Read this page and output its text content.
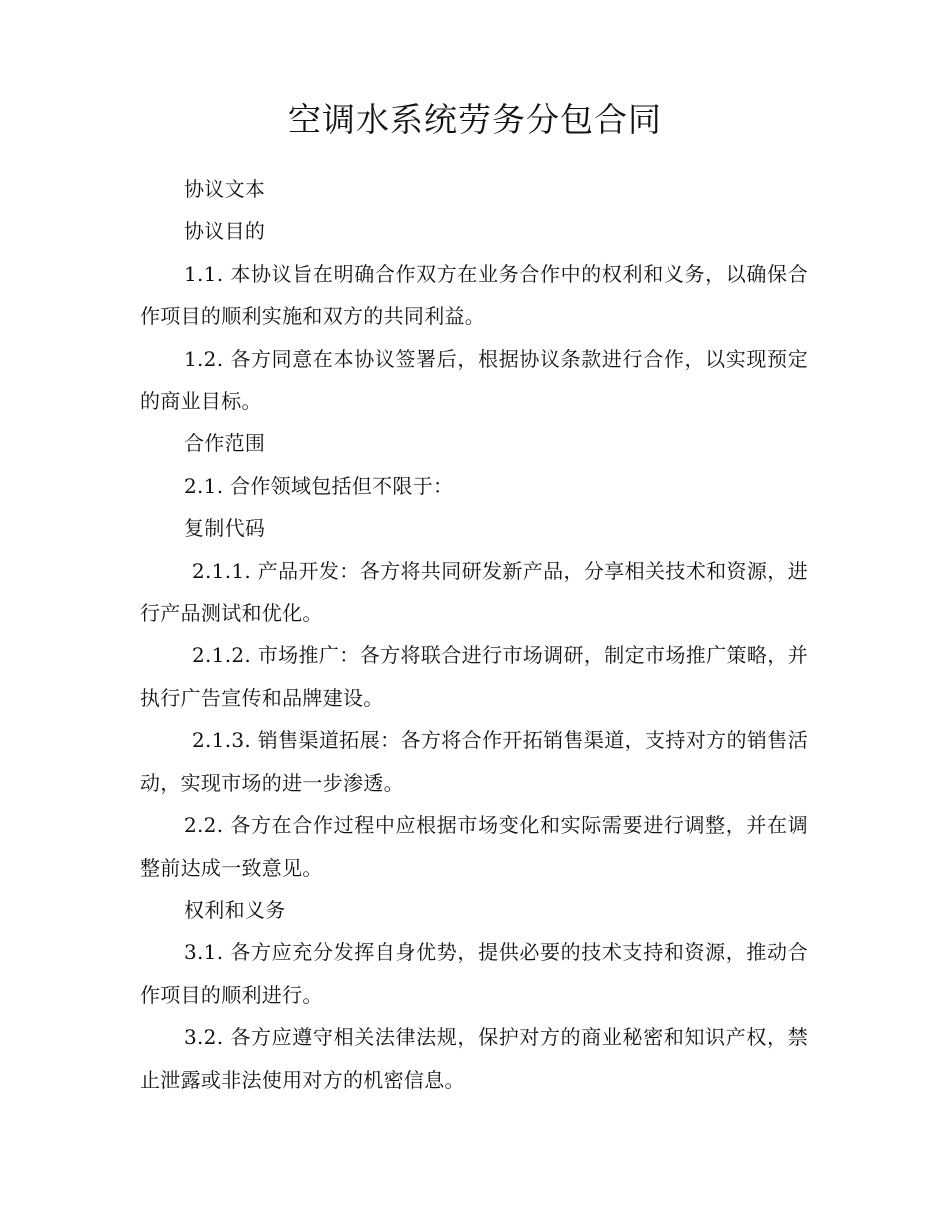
空调水系统劳务分包合同

协议文本

协议目的

1.1. 本协议旨在明确合作双方在业务合作中的权利和义务，以确保合作项目的顺利实施和双方的共同利益。

1.2. 各方同意在本协议签署后，根据协议条款进行合作，以实现预定的商业目标。

合作范围

2.1. 合作领域包括但不限于：

复制代码

2.1.1. 产品开发：各方将共同研发新产品，分享相关技术和资源，进行产品测试和优化。

2.1.2. 市场推广：各方将联合进行市场调研，制定市场推广策略，并执行广告宣传和品牌建设。

2.1.3. 销售渠道拓展：各方将合作开拓销售渠道，支持对方的销售活动，实现市场的进一步渗透。

2.2. 各方在合作过程中应根据市场变化和实际需要进行调整，并在调整前达成一致意见。

权利和义务

3.1. 各方应充分发挥自身优势，提供必要的技术支持和资源，推动合作项目的顺利进行。

3.2. 各方应遵守相关法律法规，保护对方的商业秘密和知识产权，禁止泄露或非法使用对方的机密信息。
